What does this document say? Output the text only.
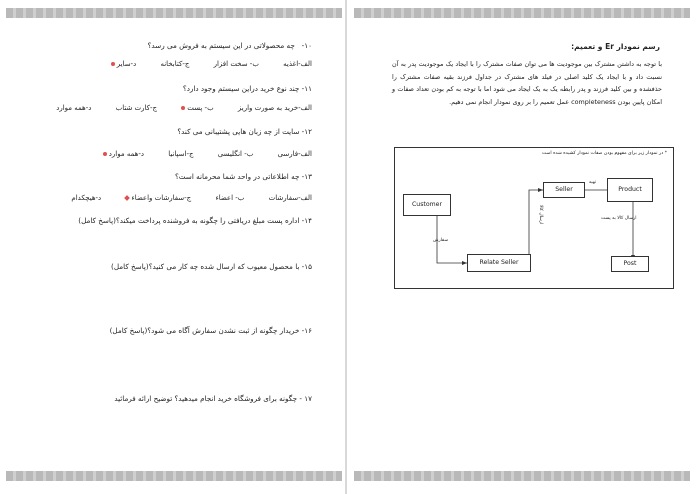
۱۰-   چه محصولاتی در این سیستم به فروش می رسد؟
الف-اغذیه ب- سخت افزار ج-کتابخانه د-سایر
۱۱- چند نوع خرید دراین سیستم وجود دارد؟
الف-خرید به صورت واریز ب- پست ج-کارت شتاب د-همه موارد
۱۲- سایت از چه زبان هایی پشتیبانی می کند؟
الف-فارسی ب- انگلیسی ج-اسپانیا د-همه موارد
۱۳- چه اطلاعاتی در واحد شما محرمانه است؟
الف-سفارشات ب- اعضاء ج-سفارشات واعضاء د-هیچکدام
۱۴- اداره پست مبلغ دریافتی را چگونه به فروشنده پرداخت میکند؟(پاسخ کامل)
۱۵- با محصول معیوب که ارسال شده چه کار می کنید؟(پاسخ کامل)
۱۶- خریدار چگونه از ثبت نشدن سفارش آگاه می شود؟(پاسخ کامل)
۱۷ - چگونه برای فروشگاه خرید انجام میدهید؟ توضیح ارائه فرمائید
رسم نمودار Er و تعمیم:
با توجه به داشتن مشترک بین موجودیت ها می توان صفات مشترک را با ایجاد یک موجودیت پدر به آن نسبت داد و با ایجاد یک کلید اصلی در فیلد های مشترک در جداول فرزند بقیه صفات مشترک را حذفشده و بین کلید فرزند و پدر رابطه یک به یک ایجاد می شود اما با توجه به کم بودن تعداد صفات و امکان پایین بودن completeness عمل تعمیم را بر روی نمودار انجام نمی دهیم.
* در نمودار زیر برای مفهوم بودن صفات نمودار کشیده شده است
Customer
Relate Seller
Seller	Product
Post
سفارش
ارسال کالا
تهیه
ارسال کالا به پست
